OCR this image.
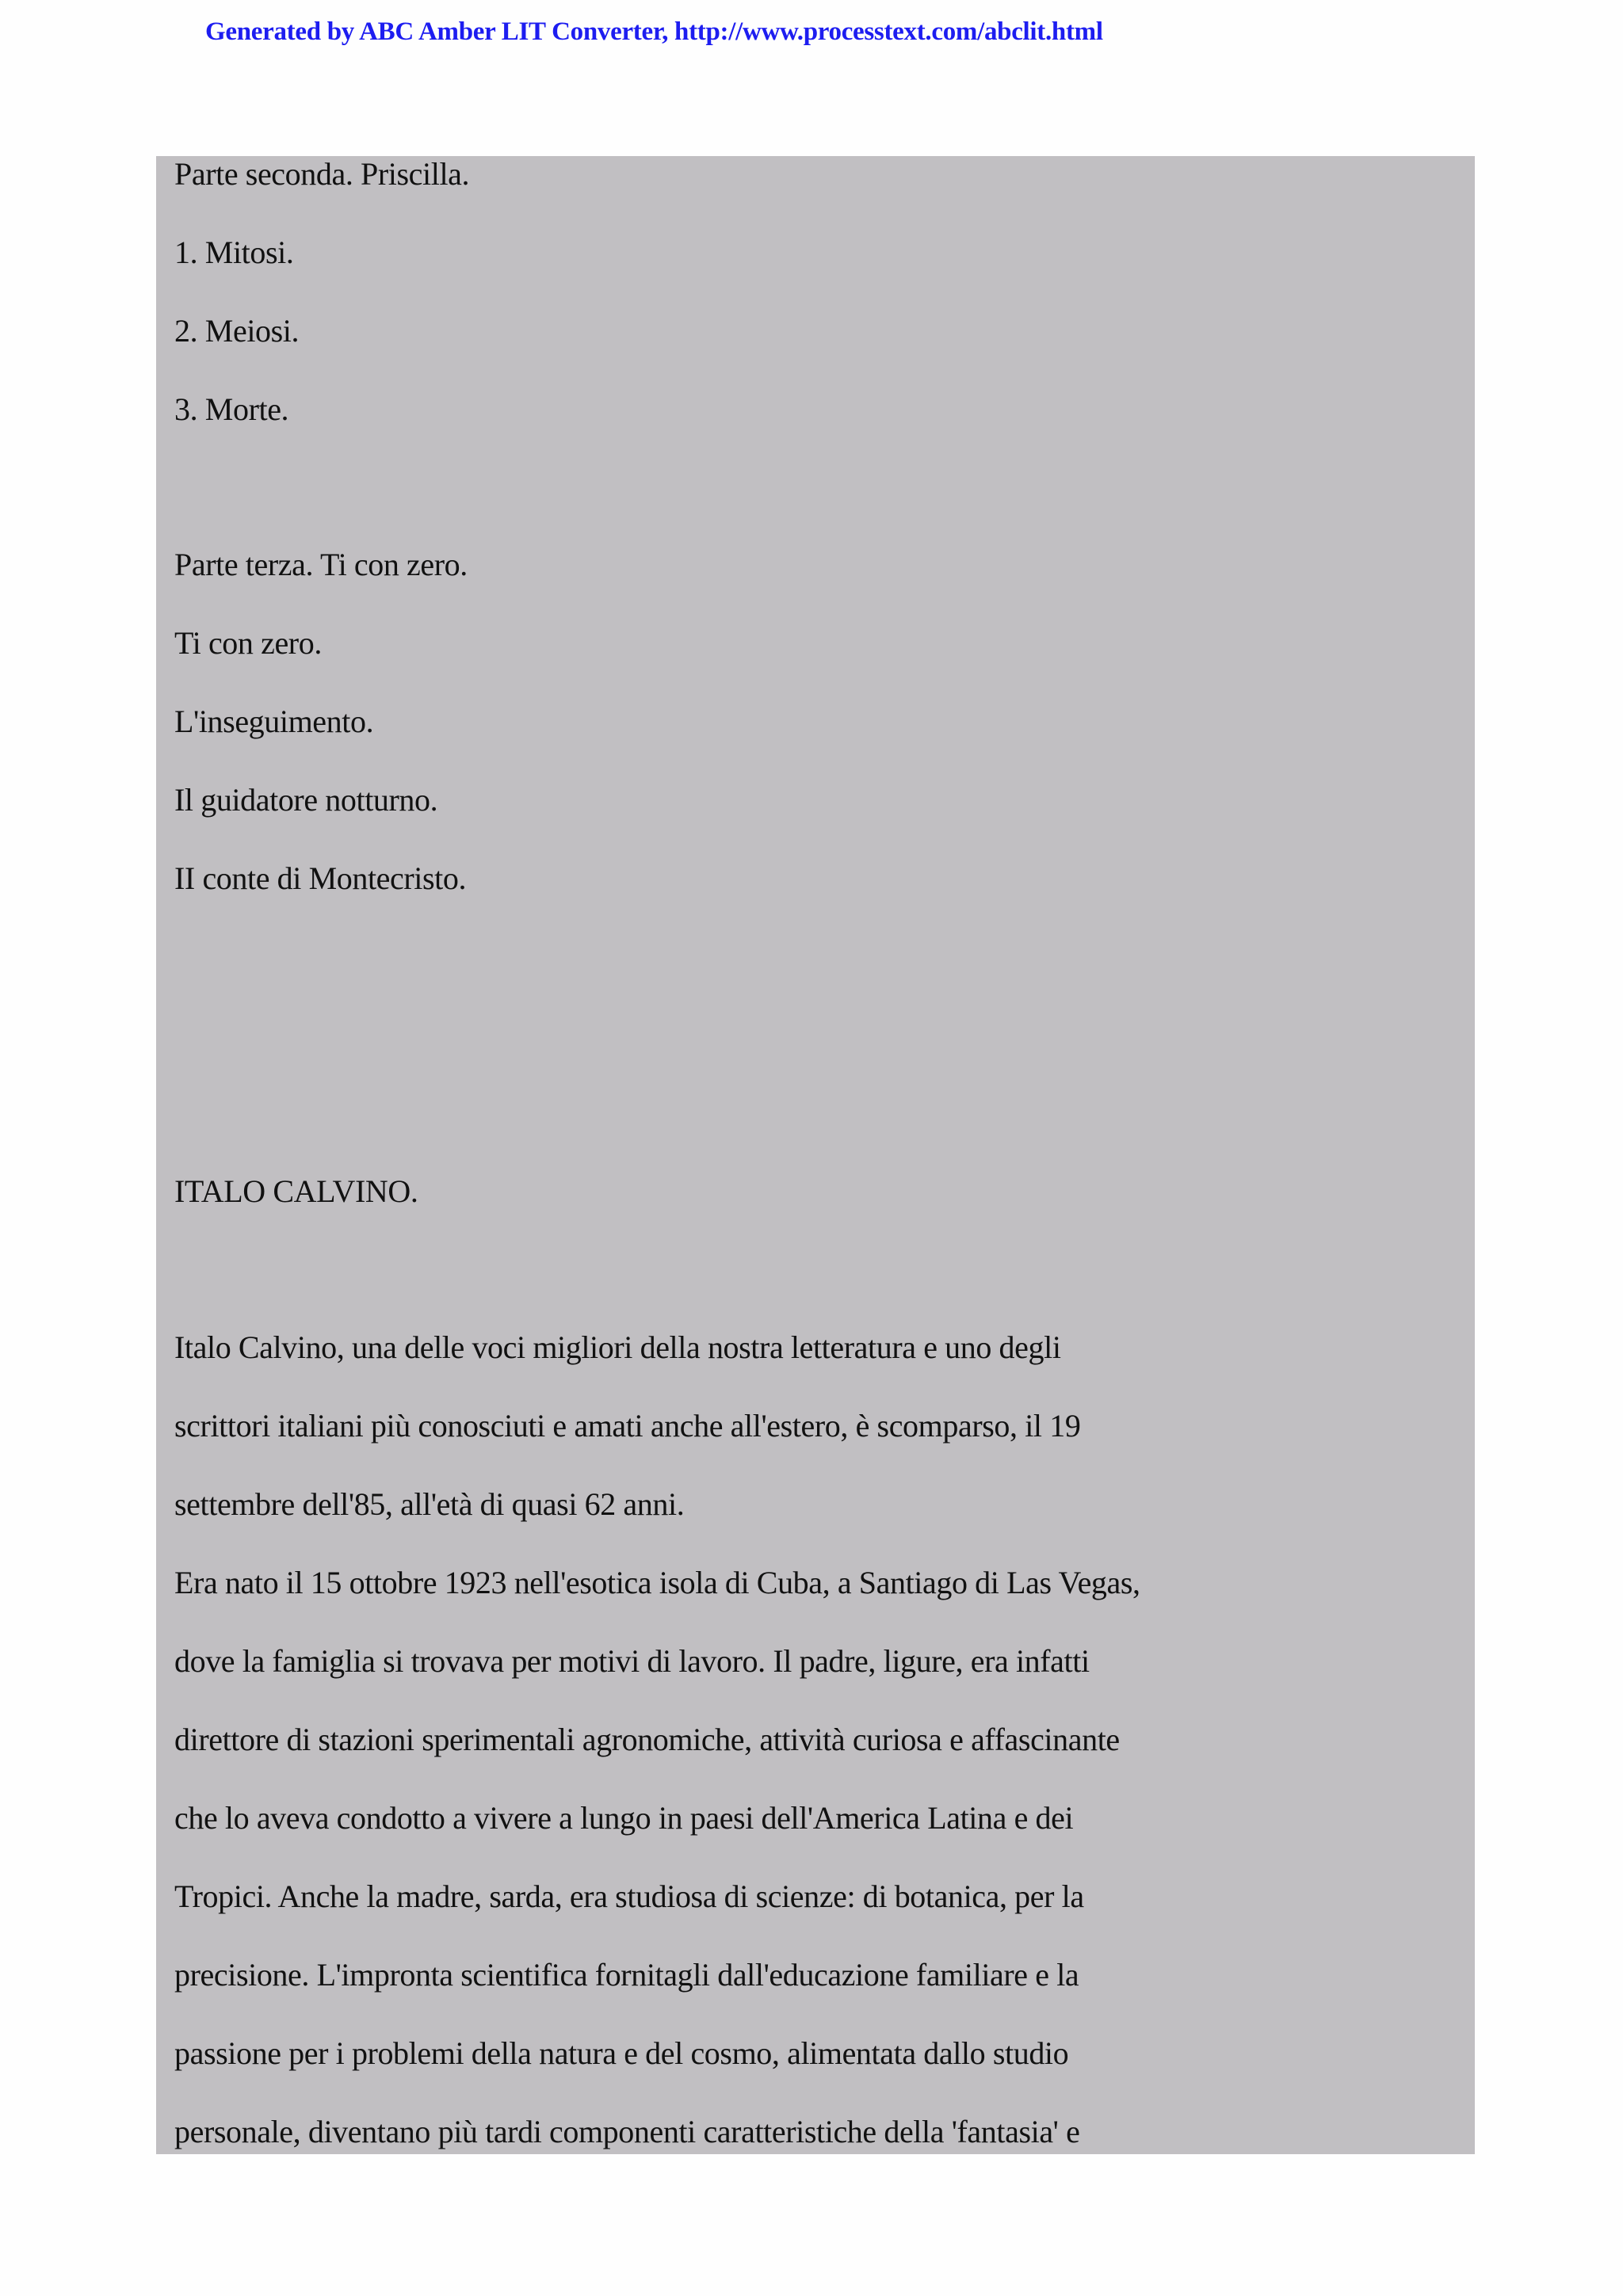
Generated by ABC Amber LIT Converter, http://www.processtext.com/abclit.html
Parte seconda. Priscilla.
1. Mitosi.
2. Meiosi.
3. Morte.
Parte terza. Ti con zero.
Ti con zero.
L'inseguimento.
Il guidatore notturno.
II conte di Montecristo.
ITALO CALVINO.
Italo Calvino, una delle voci migliori della nostra letteratura e uno degli
scrittori italiani più conosciuti e amati anche all'estero, è scomparso, il 19
settembre dell'85, all'età di quasi 62 anni.
Era nato il 15 ottobre 1923 nell'esotica isola di Cuba, a Santiago di Las Vegas,
dove la famiglia si trovava per motivi di lavoro. Il padre, ligure, era infatti
direttore di stazioni sperimentali agronomiche, attività curiosa e affascinante
che lo aveva condotto a vivere a lungo in paesi dell'America Latina e dei
Tropici. Anche la madre, sarda, era studiosa di scienze: di botanica, per la
precisione. L'impronta scientifica fornitagli dall'educazione familiare e la
passione per i problemi della natura e del cosmo, alimentata dallo studio
personale, diventano più tardi componenti caratteristiche della 'fantasia' e
